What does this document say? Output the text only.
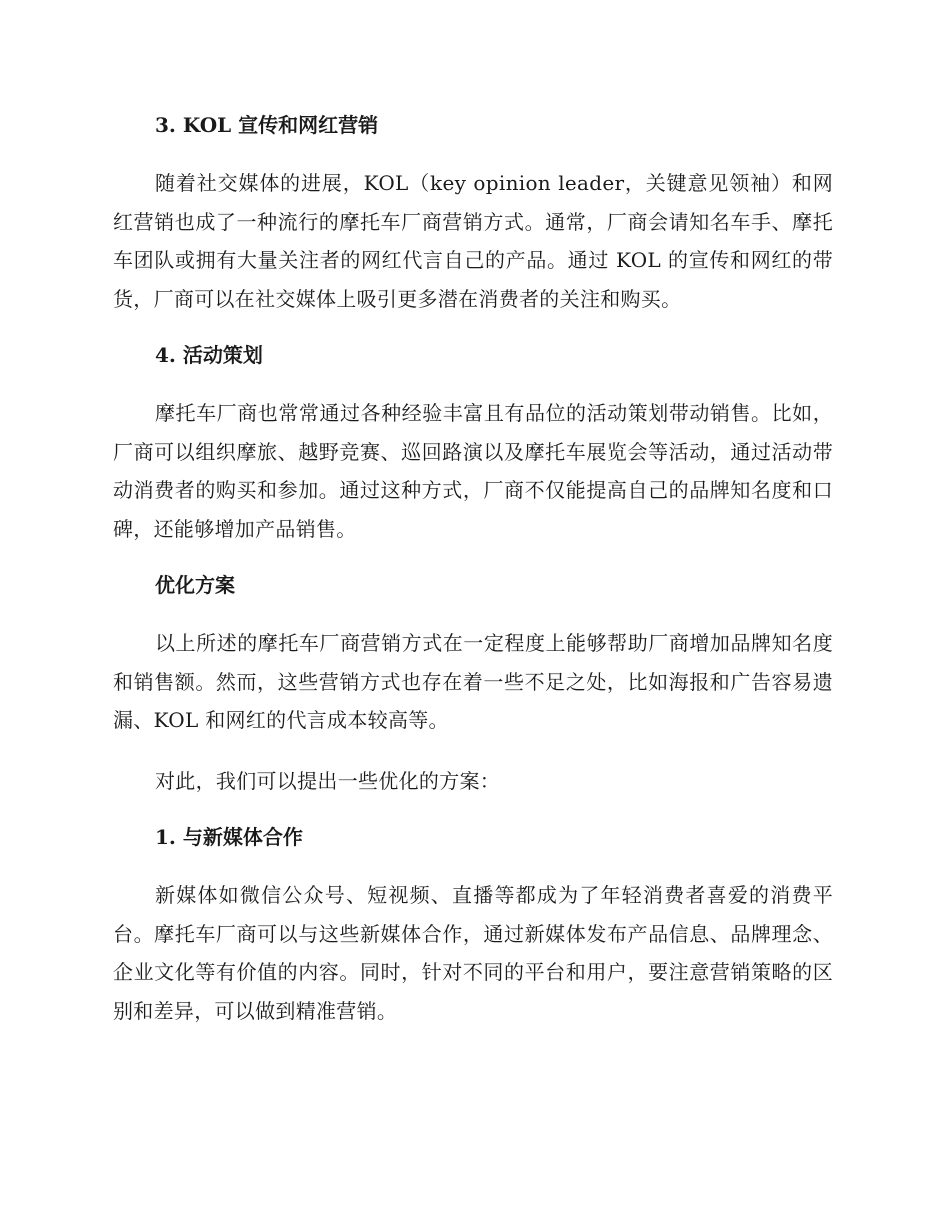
3. KOL 宣传和网红营销

随着社交媒体的进展，KOL（key opinion leader，关键意见领袖）和网红营销也成了一种流行的摩托车厂商营销方式。通常，厂商会请知名车手、摩托车团队或拥有大量关注者的网红代言自己的产品。通过 KOL 的宣传和网红的带货，厂商可以在社交媒体上吸引更多潜在消费者的关注和购买。

4. 活动策划

摩托车厂商也常常通过各种经验丰富且有品位的活动策划带动销售。比如，厂商可以组织摩旅、越野竞赛、巡回路演以及摩托车展览会等活动，通过活动带动消费者的购买和参加。通过这种方式，厂商不仅能提高自己的品牌知名度和口碑，还能够增加产品销售。

优化方案

以上所述的摩托车厂商营销方式在一定程度上能够帮助厂商增加品牌知名度和销售额。然而，这些营销方式也存在着一些不足之处，比如海报和广告容易遗漏、KOL 和网红的代言成本较高等。

对此，我们可以提出一些优化的方案：

1. 与新媒体合作

新媒体如微信公众号、短视频、直播等都成为了年轻消费者喜爱的消费平台。摩托车厂商可以与这些新媒体合作，通过新媒体发布产品信息、品牌理念、企业文化等有价值的内容。同时，针对不同的平台和用户，要注意营销策略的区别和差异，可以做到精准营销。
